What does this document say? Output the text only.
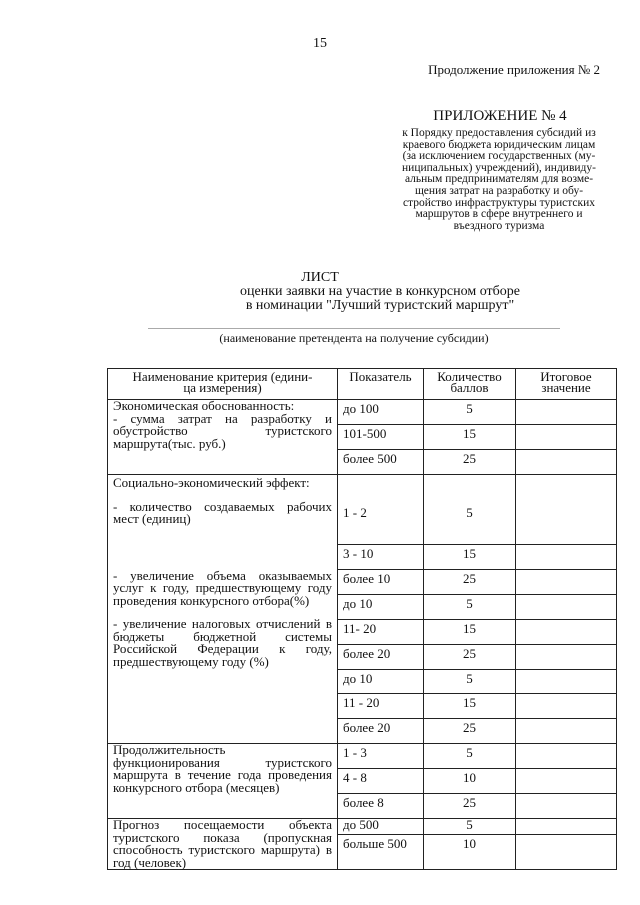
15
Продолжение приложения № 2
ПРИЛОЖЕНИЕ № 4
к Порядку предоставления субсидий из
краевого бюджета юридическим лицам
(за исключением государственных (му-
ниципальных) учреждений), индивиду-
альным предпринимателям для возме-
щения затрат на разработку и обу-
стройство инфраструктуры туристских
маршрутов в сфере внутреннего и
въездного туризма
ЛИСТ
оценки заявки на участие в конкурсном отборе
в номинации "Лучший туристский маршрут"
(наименование претендента на получение субсидии)
Наименование критерия (едини-
ца измерения)	Показатель	Количество
баллов	Итоговое
значение
Экономическая обоснованность:
- сумма затрат на разработку и обустройство туристского маршрута(тыс. руб.)	до 100	5	
	101-500	15	
	более 500	25	
Социально-экономический эффект:
- количество создаваемых рабочих мест (единиц)
- увеличение объема оказываемых услуг к году, предшествующему году проведения конкурсного отбора(%)
- увеличение налоговых отчислений в бюджеты бюджетной системы Российской Федерации к году, предшествующему году (%)	1 - 2	5	
	3 - 10	15	
	более 10	25	
	до 10	5	
	11- 20	15	
	более 20	25	
	до 10	5	
	11 - 20	15	
	более 20	25	
Продолжительность функционирования туристского маршрута в течение года проведения конкурсного отбора (месяцев)	1 - 3	5	
	4 - 8	10	
	более 8	25	
Прогноз посещаемости объекта туристского показа (пропускная способность туристского маршрута) в год (человек)	до 500	5	
	больше 500	10	
